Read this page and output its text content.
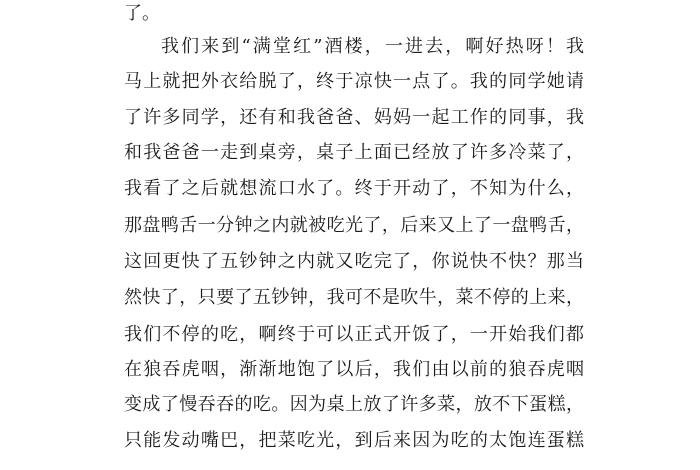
了。
我们来到“满堂红”酒楼，一进去，啊好热呀！我
马上就把外衣给脱了，终于凉快一点了。我的同学她请
了许多同学，还有和我爸爸、妈妈一起工作的同事，我
和我爸爸一走到桌旁，桌子上面已经放了许多冷菜了，
我看了之后就想流口水了。终于开动了，不知为什么，
那盘鸭舌一分钟之内就被吃光了，后来又上了一盘鸭舌，
这回更快了五钞钟之内就又吃完了，你说快不快？那当
然快了，只要了五钞钟，我可不是吹牛，菜不停的上来，
我们不停的吃，啊终于可以正式开饭了，一开始我们都
在狼吞虎咽，渐渐地饱了以后，我们由以前的狼吞虎咽
变成了慢吞吞的吃。因为桌上放了许多菜，放不下蛋糕，
只能发动嘴巴，把菜吃光，到后来因为吃的太饱连蛋糕
